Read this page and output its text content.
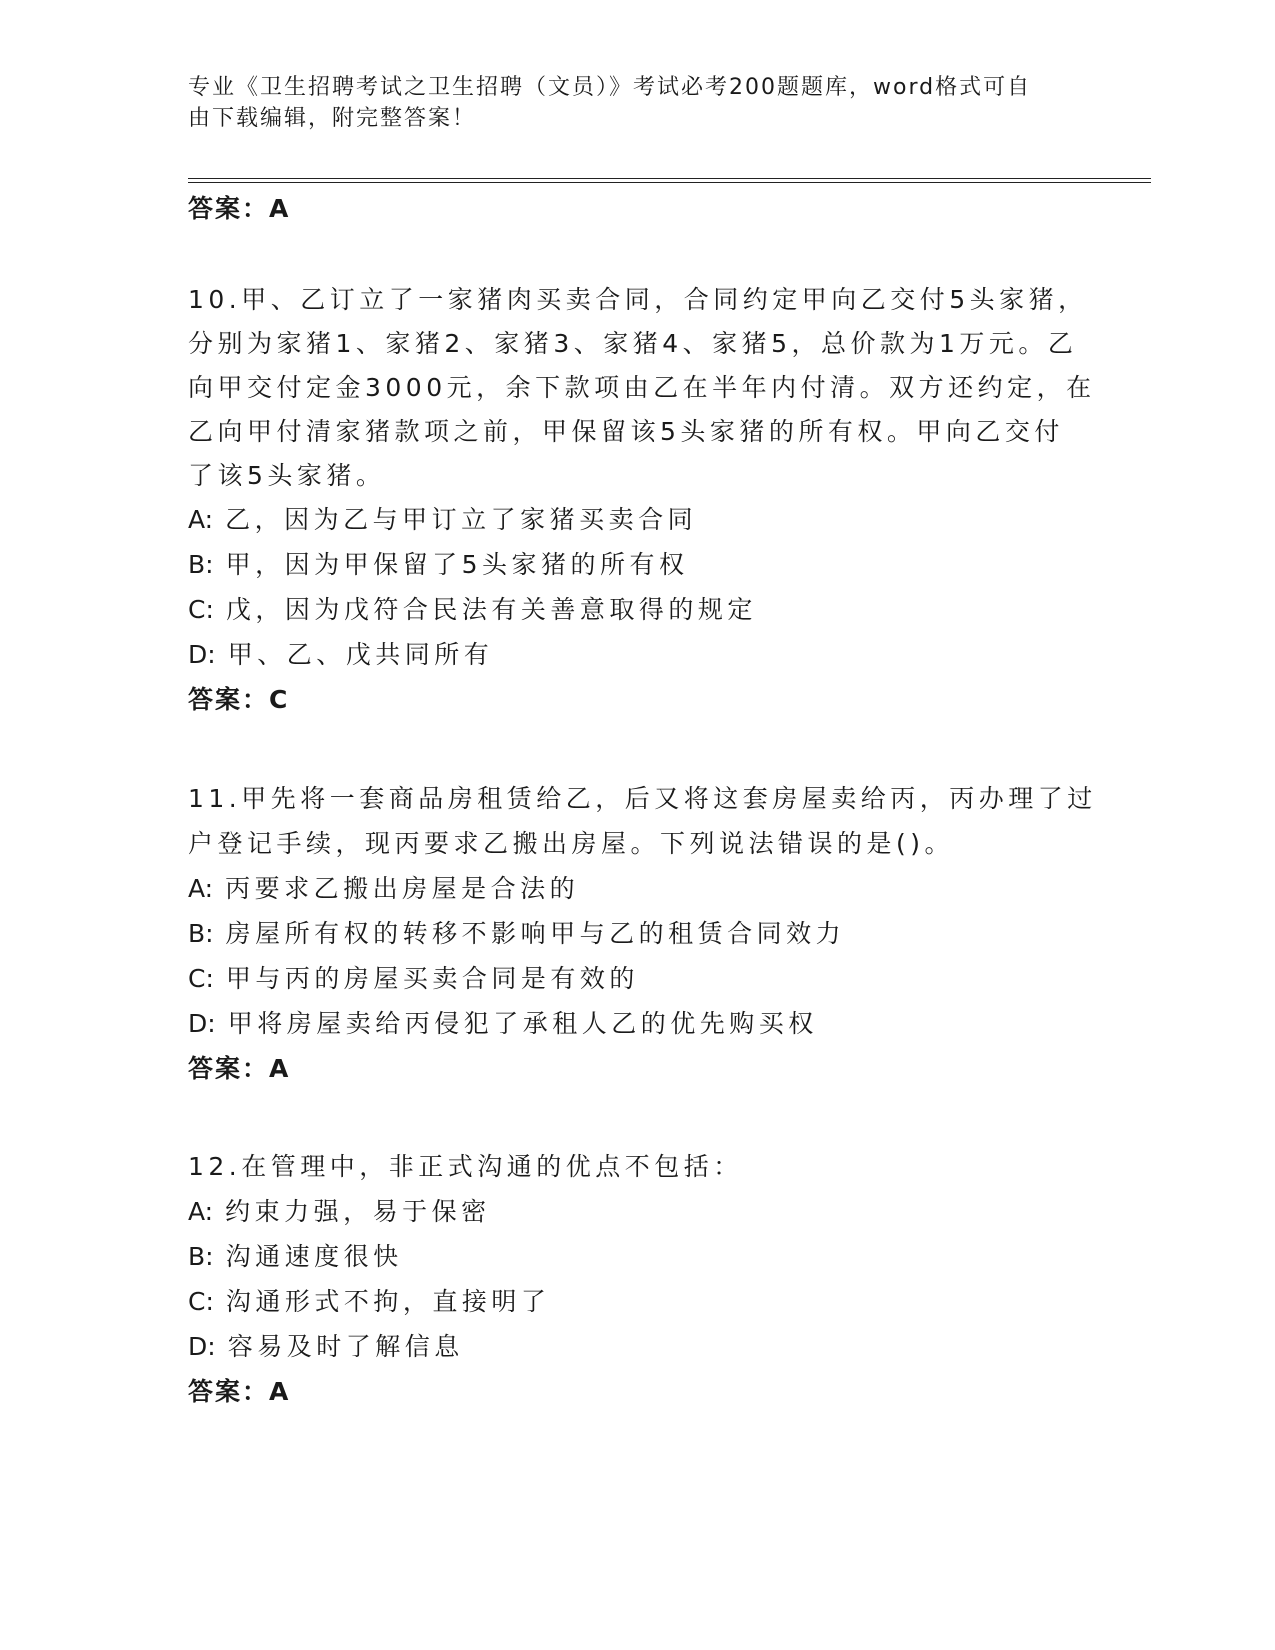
专业《卫生招聘考试之卫生招聘（文员）》考试必考200题题库，word格式可自
由下载编辑，附完整答案！
答案：A
10.甲、乙订立了一家猪肉买卖合同，合同约定甲向乙交付5头家猪，
分别为家猪1、家猪2、家猪3、家猪4、家猪5，总价款为1万元。乙
向甲交付定金3000元，余下款项由乙在半年内付清。双方还约定，在
乙向甲付清家猪款项之前，甲保留该5头家猪的所有权。甲向乙交付
了该5头家猪。
A: 乙，因为乙与甲订立了家猪买卖合同
B: 甲，因为甲保留了5头家猪的所有权
C: 戊，因为戊符合民法有关善意取得的规定
D: 甲、乙、戊共同所有
答案：C
11.甲先将一套商品房租赁给乙，后又将这套房屋卖给丙，丙办理了过
户登记手续，现丙要求乙搬出房屋。下列说法错误的是()。
A: 丙要求乙搬出房屋是合法的
B: 房屋所有权的转移不影响甲与乙的租赁合同效力
C: 甲与丙的房屋买卖合同是有效的
D: 甲将房屋卖给丙侵犯了承租人乙的优先购买权
答案：A
12.在管理中，非正式沟通的优点不包括：
A: 约束力强，易于保密
B: 沟通速度很快
C: 沟通形式不拘，直接明了
D: 容易及时了解信息
答案：A
